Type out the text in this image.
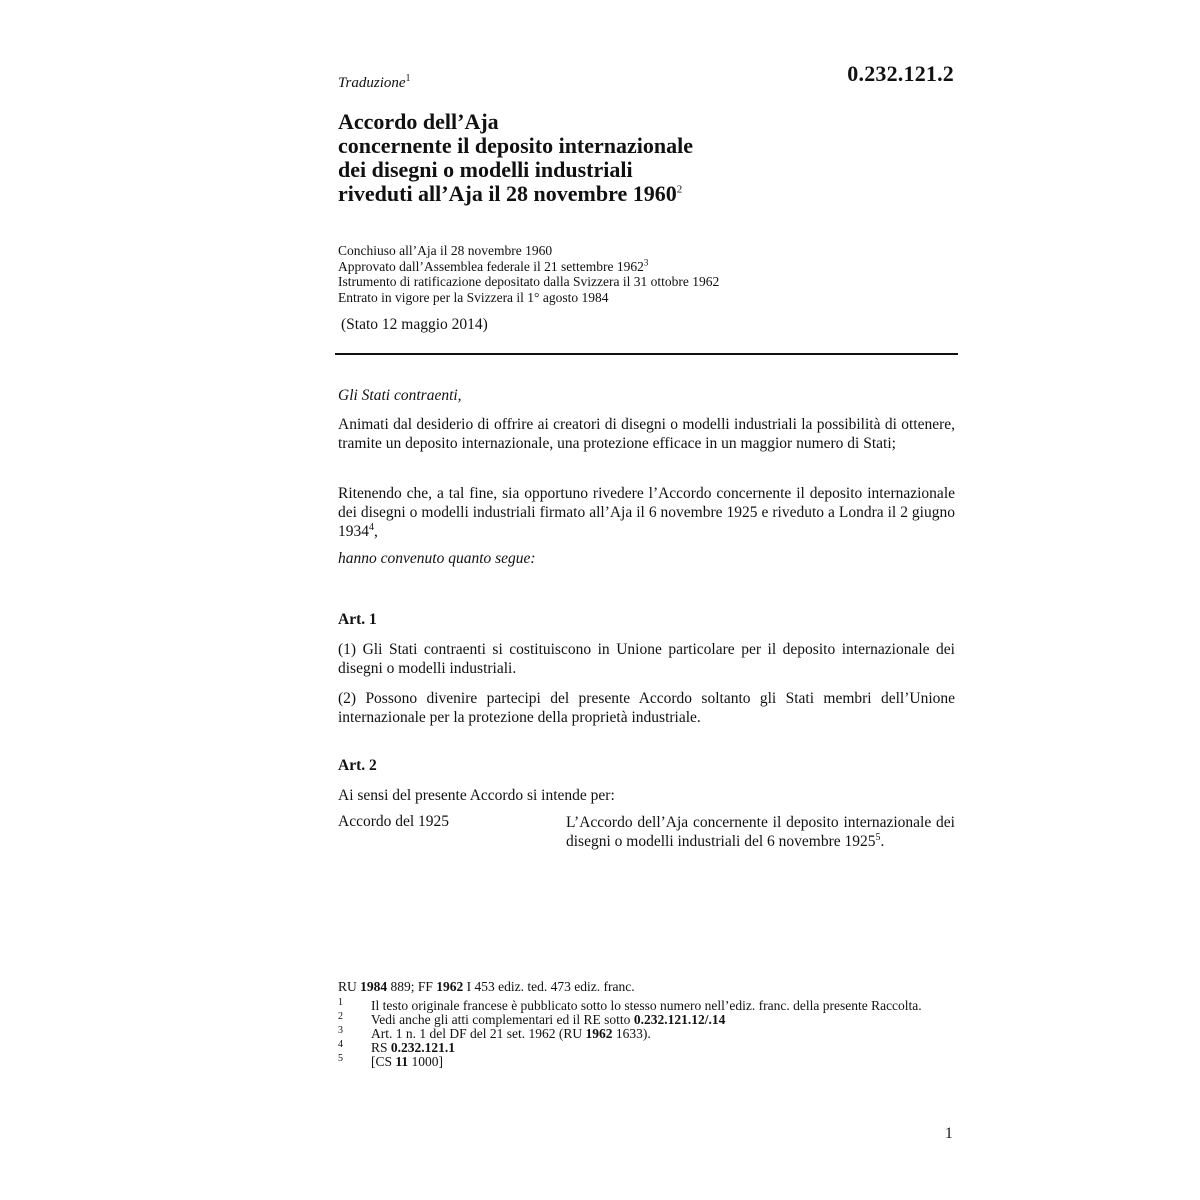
0.232.121.2
Traduzione$^1$
Accordo dell’Aja
concernente il deposito internazionale
dei disegni o modelli industriali
riveduti all’Aja il 28 novembre 1960$^2$
Conchiuso all’Aja il 28 novembre 1960
Approvato dall’Assemblea federale il 21 settembre 1962$^3$
Istrumento di ratificazione depositato dalla Svizzera il 31 ottobre 1962
Entrato in vigore per la Svizzera il 1° agosto 1984
(Stato 12 maggio 2014)
Gli Stati contraenti,
Animati dal desiderio di offrire ai creatori di disegni o modelli industriali la possibilità di ottenere, tramite un deposito internazionale, una protezione efficace in un maggior numero di Stati;
Ritenendo che, a tal fine, sia opportuno rivedere l’Accordo concernente il deposito internazionale dei disegni o modelli industriali firmato all’Aja il 6 novembre 1925 e riveduto a Londra il 2 giugno 1934$^4$,
hanno convenuto quanto segue:
Art. 1
(1) Gli Stati contraenti si costituiscono in Unione particolare per il deposito internazionale dei disegni o modelli industriali.
(2) Possono divenire partecipi del presente Accordo soltanto gli Stati membri dell’Unione internazionale per la protezione della proprietà industriale.
Art. 2
Ai sensi del presente Accordo si intende per:
Accordo del 1925	L’Accordo dell’Aja concernente il deposito internazionale dei disegni o modelli industriali del 6 novembre 1925$^5$.
RU 1984 889; FF 1962 I 453 ediz. ted. 473 ediz. franc.
1 Il testo originale francese è pubblicato sotto lo stesso numero nell’ediz. franc. della presente Raccolta.
2 Vedi anche gli atti complementari ed il RE sotto 0.232.121.12/.14
3 Art. 1 n. 1 del DF del 21 set. 1962 (RU 1962 1633).
4 RS 0.232.121.1
5 [CS 11 1000]
1
